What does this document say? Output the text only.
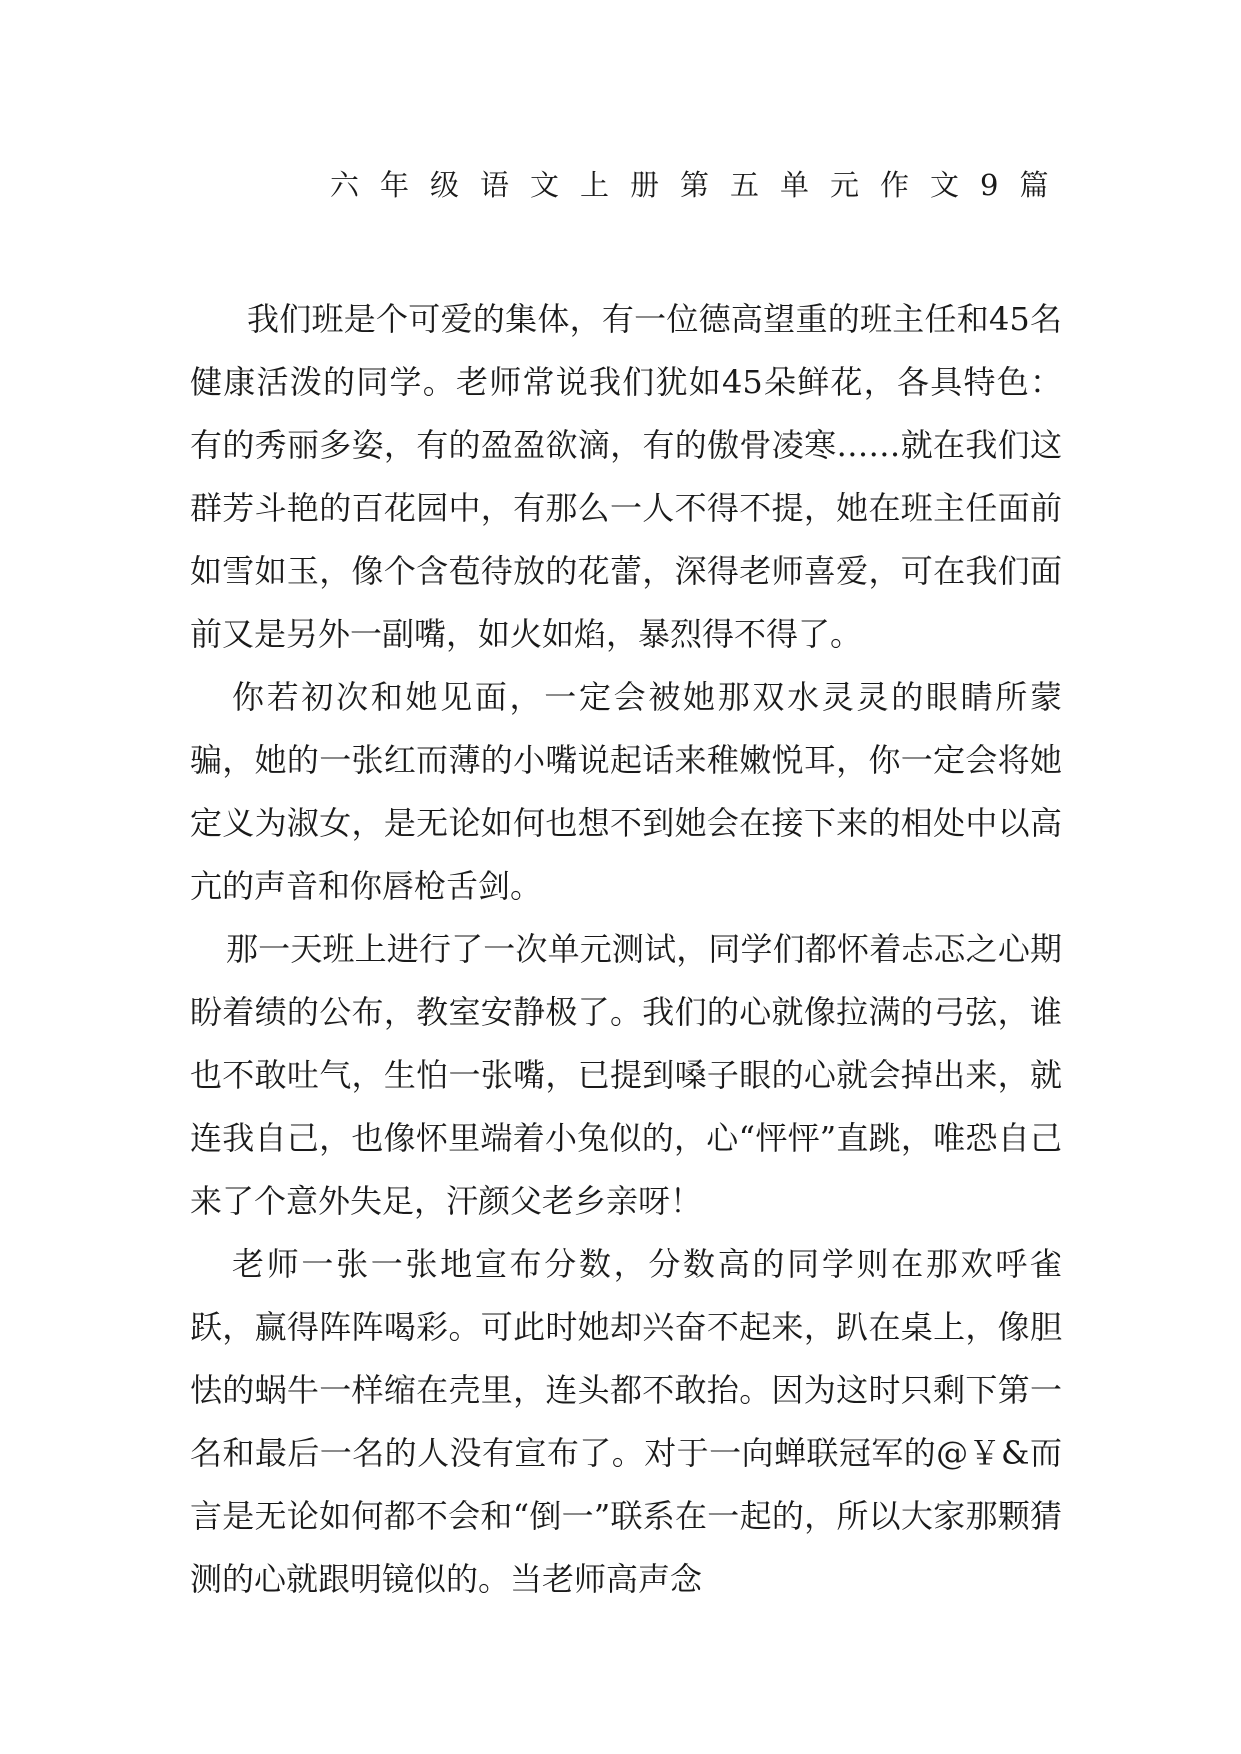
六年级语文上册第五单元作文9篇

我们班是个可爱的集体，有一位德高望重的班主任和45名健康活泼的同学。老师常说我们犹如45朵鲜花，各具特色：有的秀丽多姿，有的盈盈欲滴，有的傲骨凌寒……就在我们这群芳斗艳的百花园中，有那么一人不得不提，她在班主任面前如雪如玉，像个含苞待放的花蕾，深得老师喜爱，可在我们面前又是另外一副嘴，如火如焰，暴烈得不得了。

你若初次和她见面，一定会被她那双水灵灵的眼睛所蒙骗，她的一张红而薄的小嘴说起话来稚嫩悦耳，你一定会将她定义为淑女，是无论如何也想不到她会在接下来的相处中以高亢的声音和你唇枪舌剑。

那一天班上进行了一次单元测试，同学们都怀着忐忑之心期盼着绩的公布，教室安静极了。我们的心就像拉满的弓弦，谁也不敢吐气，生怕一张嘴，已提到嗓子眼的心就会掉出来，就连我自己，也像怀里端着小兔似的，心“怦怦”直跳，唯恐自己来了个意外失足，汗颜父老乡亲呀！

老师一张一张地宣布分数，分数高的同学则在那欢呼雀跃，赢得阵阵喝彩。可此时她却兴奋不起来，趴在桌上，像胆怯的蜗牛一样缩在壳里，连头都不敢抬。因为这时只剩下第一名和最后一名的人没有宣布了。对于一向蝉联冠军的@￥&而言是无论如何都不会和“倒一”联系在一起的，所以大家那颗猜测的心就跟明镜似的。当老师高声念
